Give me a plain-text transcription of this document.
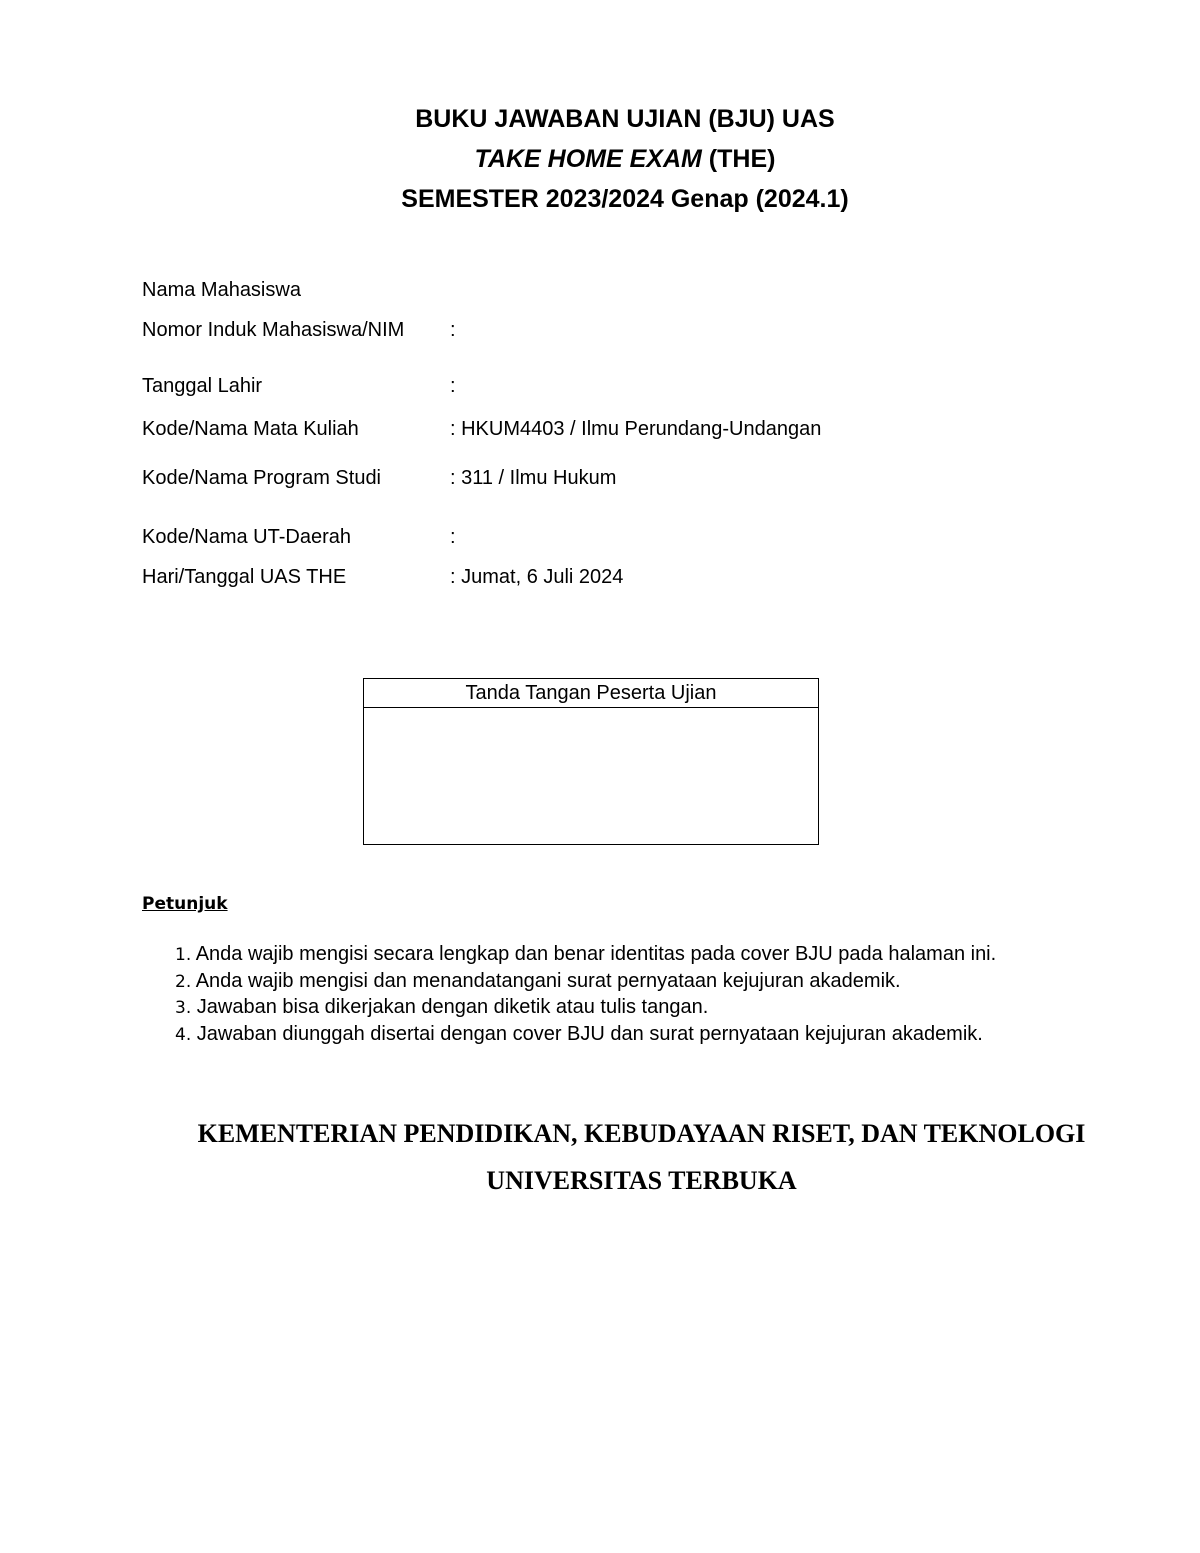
BUKU JAWABAN UJIAN (BJU) UAS
TAKE HOME EXAM (THE)
SEMESTER 2023/2024 Genap (2024.1)
Nama Mahasiswa
Nomor Induk Mahasiswa/NIM :
Tanggal Lahir	:
Kode/Nama Mata Kuliah	: HKUM4403 / Ilmu Perundang-Undangan
Kode/Nama Program Studi	: 311 / Ilmu Hukum
Kode/Nama UT-Daerah	:
Hari/Tanggal UAS THE	: Jumat, 6 Juli 2024
Tanda Tangan Peserta Ujian
Petunjuk
1. Anda wajib mengisi secara lengkap dan benar identitas pada cover BJU pada halaman ini.
2. Anda wajib mengisi dan menandatangani surat pernyataan kejujuran akademik.
3. Jawaban bisa dikerjakan dengan diketik atau tulis tangan.
4. Jawaban diunggah disertai dengan cover BJU dan surat pernyataan kejujuran akademik.
KEMENTERIAN PENDIDIKAN, KEBUDAYAAN RISET, DAN TEKNOLOGI
UNIVERSITAS TERBUKA
